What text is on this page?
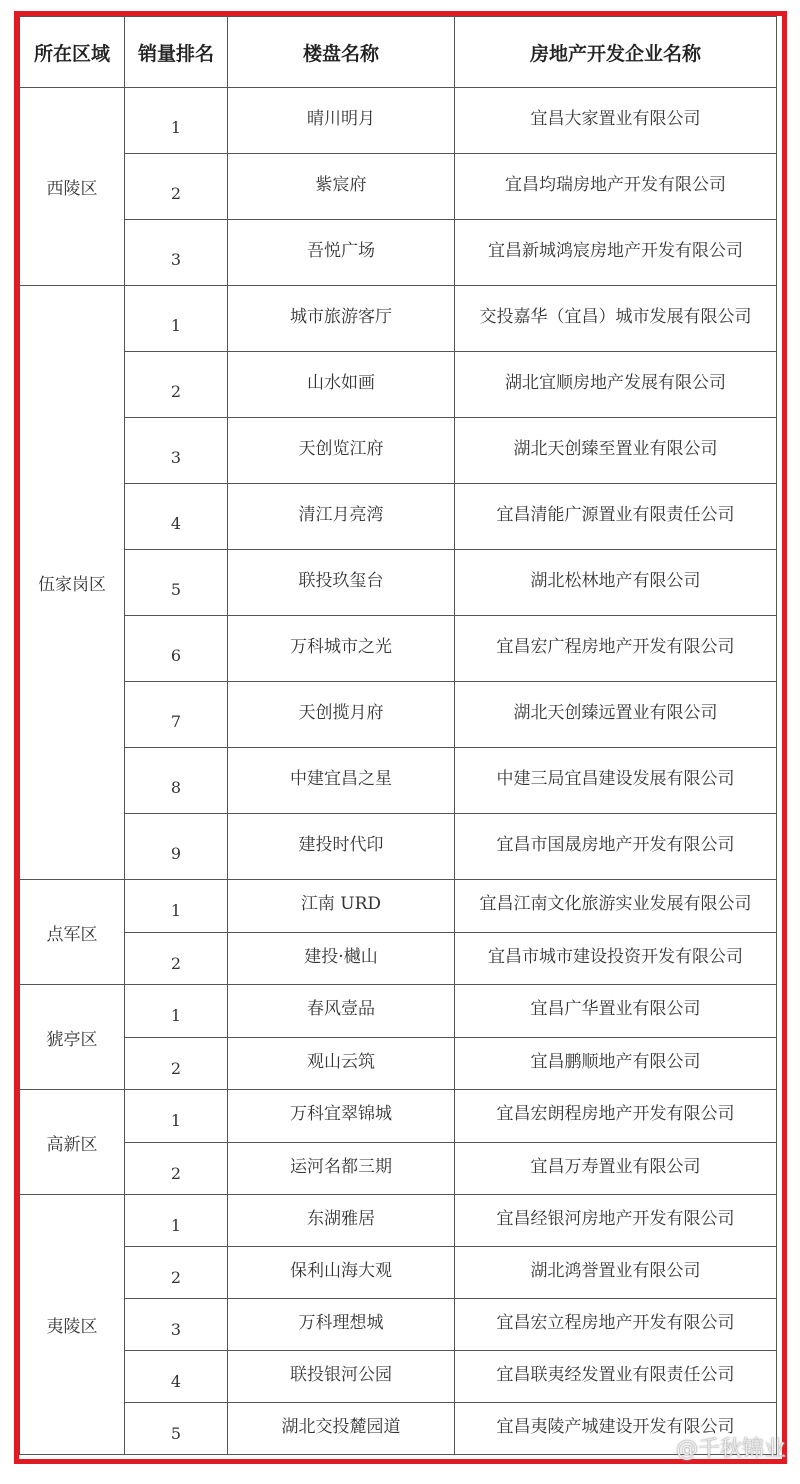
所在区域	销量排名	楼盘名称	房地产开发企业名称
西陵区	1	晴川明月	宜昌大家置业有限公司
	2	紫宸府	宜昌均瑞房地产开发有限公司
	3	吾悦广场	宜昌新城鸿宸房地产开发有限公司
伍家岗区	1	城市旅游客厅	交投嘉华（宜昌）城市发展有限公司
	2	山水如画	湖北宜顺房地产发展有限公司
	3	天创览江府	湖北天创臻至置业有限公司
	4	清江月亮湾	宜昌清能广源置业有限责任公司
	5	联投玖玺台	湖北松林地产有限公司
	6	万科城市之光	宜昌宏广程房地产开发有限公司
	7	天创揽月府	湖北天创臻远置业有限公司
	8	中建宜昌之星	中建三局宜昌建设发展有限公司
	9	建投时代印	宜昌市国晟房地产开发有限公司
点军区	1	江南 URD	宜昌江南文化旅游实业发展有限公司
	2	建投·樾山	宜昌市城市建设投资开发有限公司
猇亭区	1	春风壹品	宜昌广华置业有限公司
	2	观山云筑	宜昌鹏顺地产有限公司
高新区	1	万科宜翠锦城	宜昌宏朗程房地产开发有限公司
	2	运河名都三期	宜昌万寿置业有限公司
夷陵区	1	东湖雅居	宜昌经银河房地产开发有限公司
	2	保利山海大观	湖北鸿誉置业有限公司
	3	万科理想城	宜昌宏立程房地产开发有限公司
	4	联投银河公园	宜昌联夷经发置业有限责任公司
	5	湖北交投麓园道	宜昌夷陵产城建设开发有限公司
@千秋锦业
